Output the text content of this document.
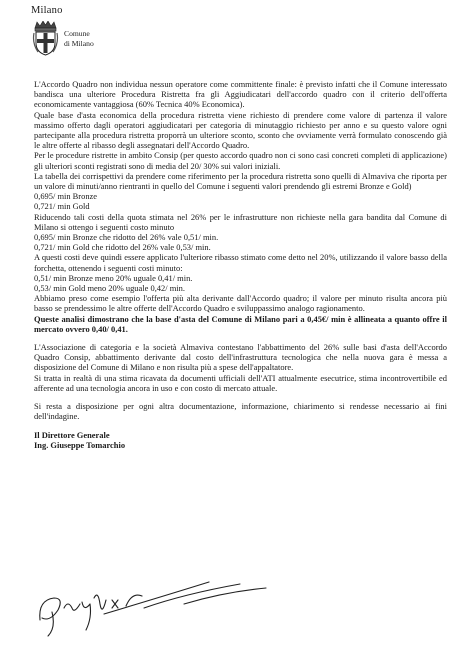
Milano
Comune
di Milano

L'Accordo Quadro non individua nessun operatore come committente finale: è previsto infatti che il Comune interessato bandisca una ulteriore Procedura Ristretta fra gli Aggiudicatari dell'accordo quadro con il criterio dell'offerta economicamente vantaggiosa (60% Tecnica 40% Economica).

Quale base d'asta economica della procedura ristretta viene richiesto di prendere come valore di partenza il valore massimo offerto dagli operatori aggiudicatari per categoria di minutaggio richiesto per anno e su questo valore ogni partecipante alla procedura ristretta proporrà un ulteriore sconto, sconto che ovviamente verrà formulato conoscendo già le altre offerte al ribasso degli assegnatari dell'Accordo Quadro.

Per le procedure ristrette in ambito Consip (per questo accordo quadro non ci sono casi concreti completi di applicazione) gli ulteriori sconti registrati sono di media del 20/ 30% sui valori iniziali.

La tabella dei corrispettivi da prendere come riferimento per la procedura ristretta sono quelli di Almaviva che riporta per un valore di minuti/anno rientranti in quello del Comune i seguenti valori prendendo gli estremi Bronze e Gold)

0,695/ min Bronze

0,721/ min Gold

Riducendo tali costi della quota stimata nel 26% per le infrastrutture non richieste nella gara bandita dal Comune di Milano si ottengo i seguenti costo minuto

0,695/ min Bronze che ridotto del 26% vale 0,51/ min.

0,721/ min Gold che ridotto del 26% vale 0,53/ min.

A questi costi deve quindi essere applicato l'ulteriore ribasso stimato come detto nel 20%, utilizzando il valore basso della forchetta, ottenendo i seguenti costi minuto:

0,51/ min Bronze meno 20% uguale 0,41/ min.

0,53/ min Gold meno 20% uguale 0,42/ min.

Abbiamo preso come esempio l'offerta più alta derivante dall'Accordo quadro; il valore per minuto risulta ancora più basso se prendessimo le altre offerte dell'Accordo Quadro e sviluppassimo analogo ragionamento.

Queste analisi dimostrano che la base d'asta del Comune di Milano pari a 0,45€/ min è allineata a quanto offre il mercato ovvero 0,40/ 0,41.

L'Associazione di categoria e la società Almaviva contestano l'abbattimento del 26% sulle basi d'asta dell'Accordo Quadro Consip, abbattimento derivante dal costo dell'infrastruttura tecnologica che nella nuova gara è messa a disposizione del Comune di Milano e non risulta più a spese dell'appaltatore.

Si tratta in realtà di una stima ricavata da documenti ufficiali dell'ATI attualmente esecutrice, stima incontrovertibile ed afferente ad una tecnologia ancora in uso e con costo di mercato attuale.

Si resta a disposizione per ogni altra documentazione, informazione, chiarimento si rendesse necessario ai fini dell'indagine.

Il Direttore Generale

Ing. Giuseppe Tomarchio
